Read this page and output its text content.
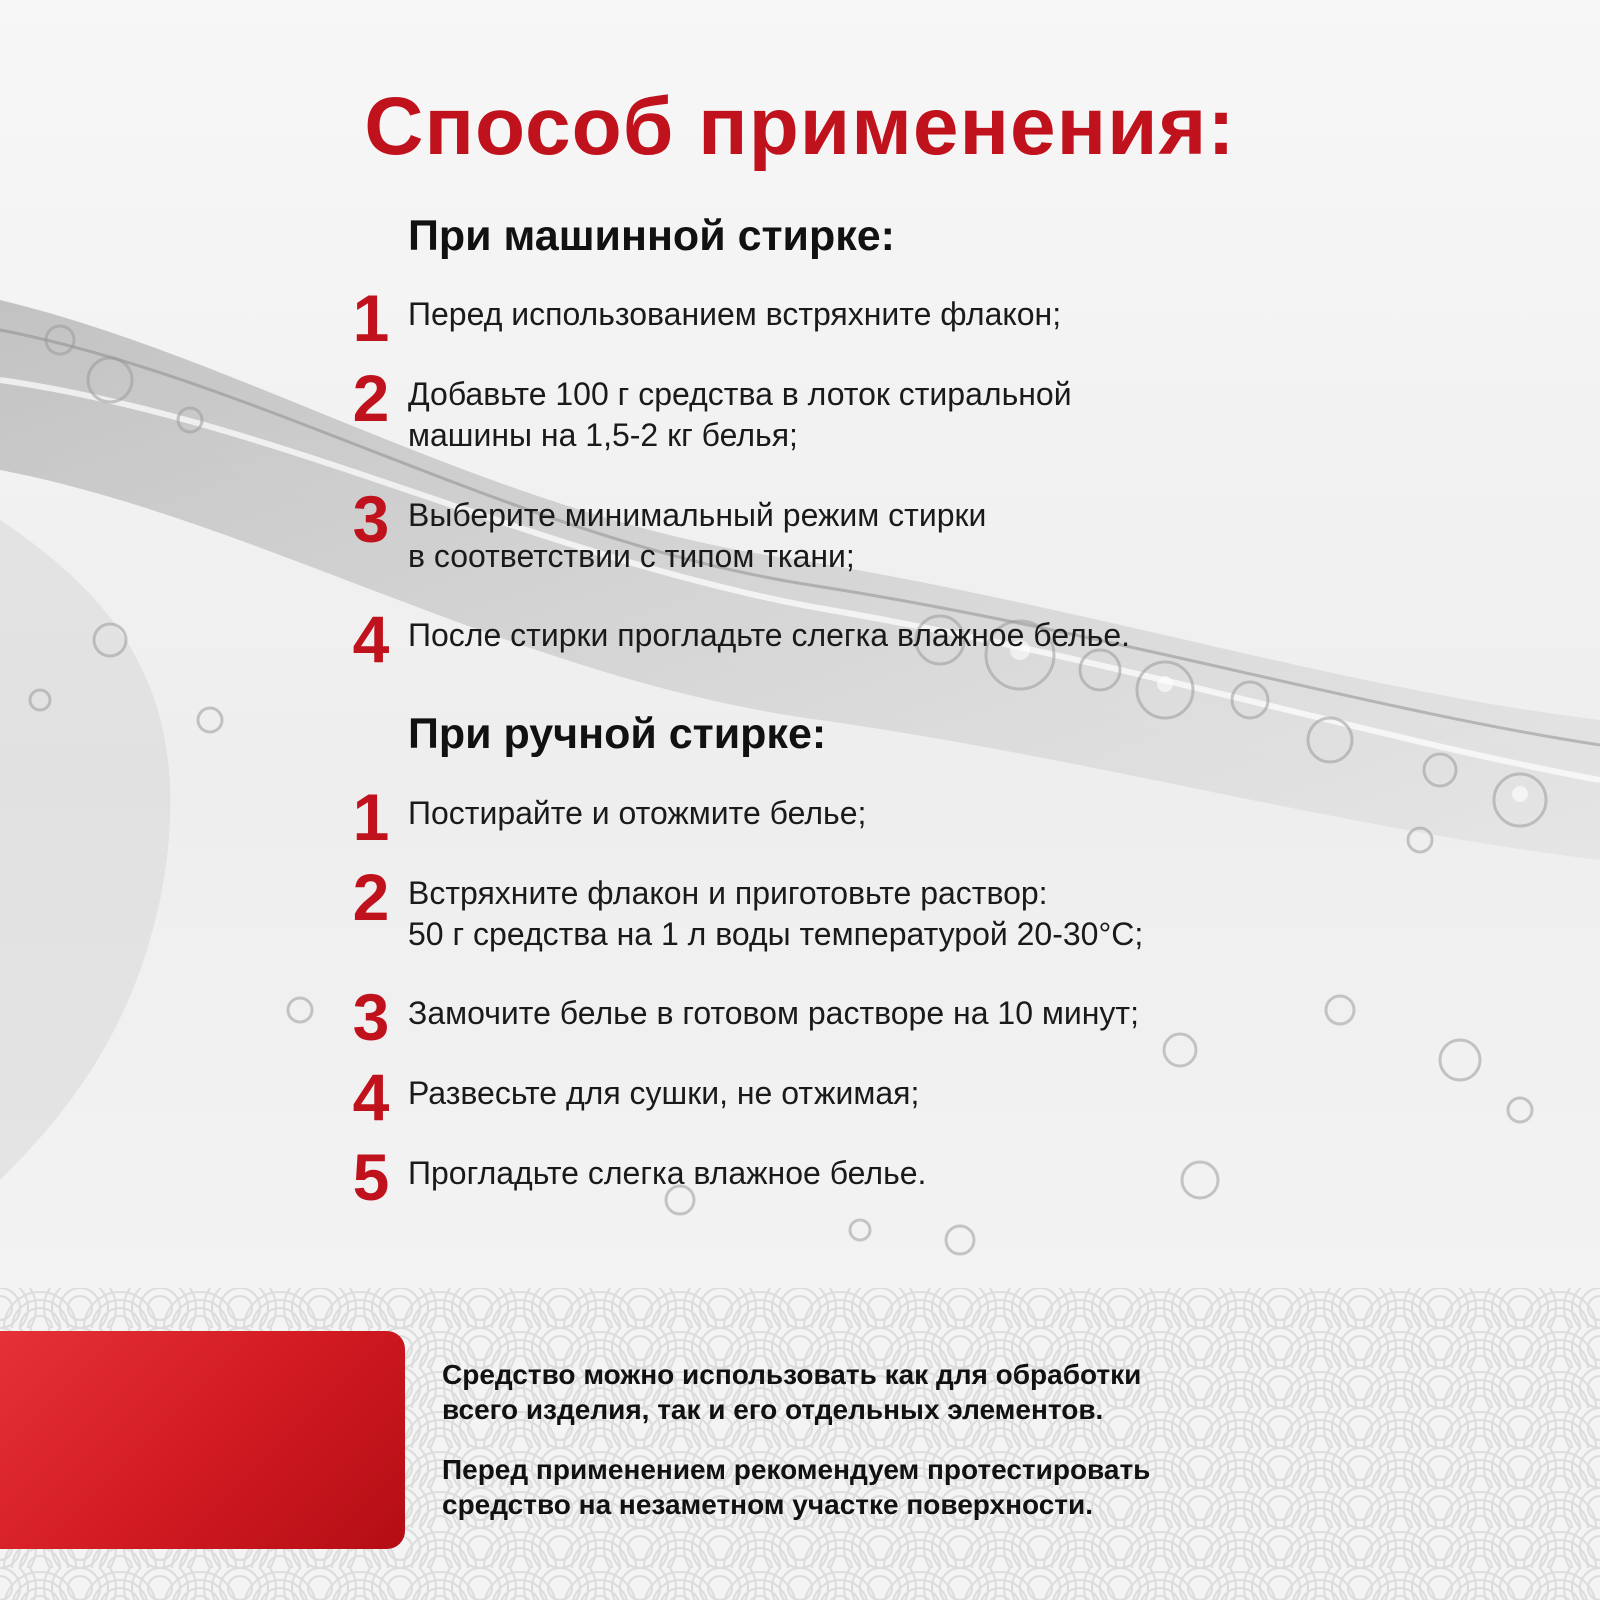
Способ применения:
При машинной стирке:
1 Перед использованием встряхните флакон;
2 Добавьте 100 г средства в лоток стиральной
машины на 1,5-2 кг белья;
3 Выберите минимальный режим стирки
в соответствии с типом ткани;
4 После стирки прогладьте слегка влажное белье.
При ручной стирке:
1 Постирайте и отожмите белье;
2 Встряхните флакон и приготовьте раствор:
50 г средства на 1 л воды температурой 20-30°С;
3 Замочите белье в готовом растворе на 10 минут;
4 Развесьте для сушки, не отжимая;
5 Прогладьте слегка влажное белье.
Средство можно использовать как для обработки
всего изделия, так и его отдельных элементов.
Перед применением рекомендуем протестировать
средство на незаметном участке поверхности.
